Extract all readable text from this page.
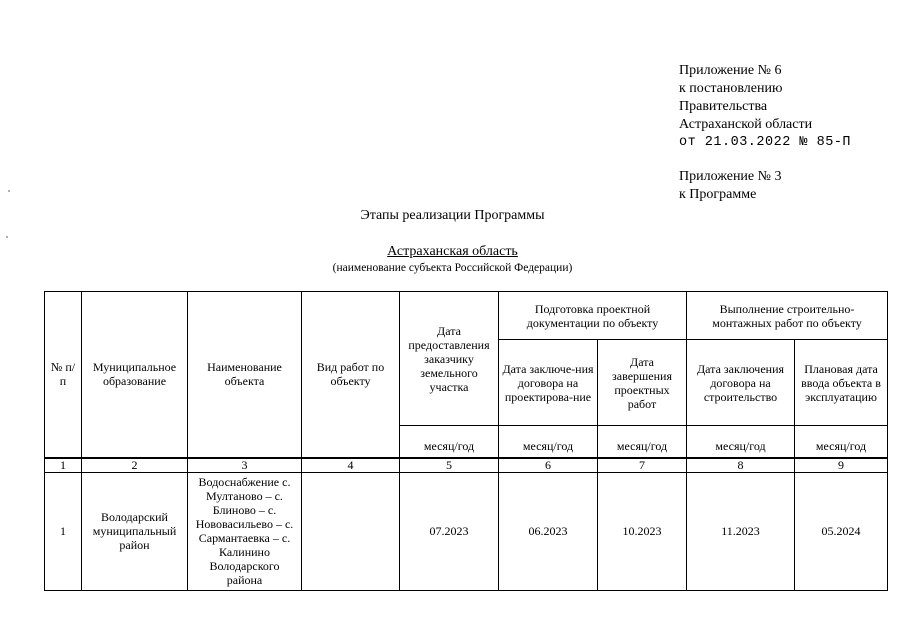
Приложение № 6
к постановлению
Правительства
Астраханской области
от 21.03.2022 № 85-П
Приложение № 3
к Программе
Этапы реализации Программы
Астраханская область
(наименование субъекта Российской Федерации)
№ п/п	Муниципальное образование	Наименование объекта	Вид работ по объекту	Дата предоставления заказчику земельного участка	Подготовка проектной документации по объекту		Выполнение строительно-монтажных работ по объекту	
					Дата заключе-ния договора на проектирова-ние	Дата завершения проектных работ	Дата заключения договора на строительство	Плановая дата ввода объекта в эксплуатацию
				месяц/год	месяц/год	месяц/год	месяц/год	месяц/год
1	2	3	4	5	6	7	8	9
1	Володарский муниципальный район	Водоснабжение с. Мултаново – с. Блиново – с. Нововасильево – с. Сармантаевка – с. Калинино Володарского района		07.2023	06.2023	10.2023	11.2023	05.2024
